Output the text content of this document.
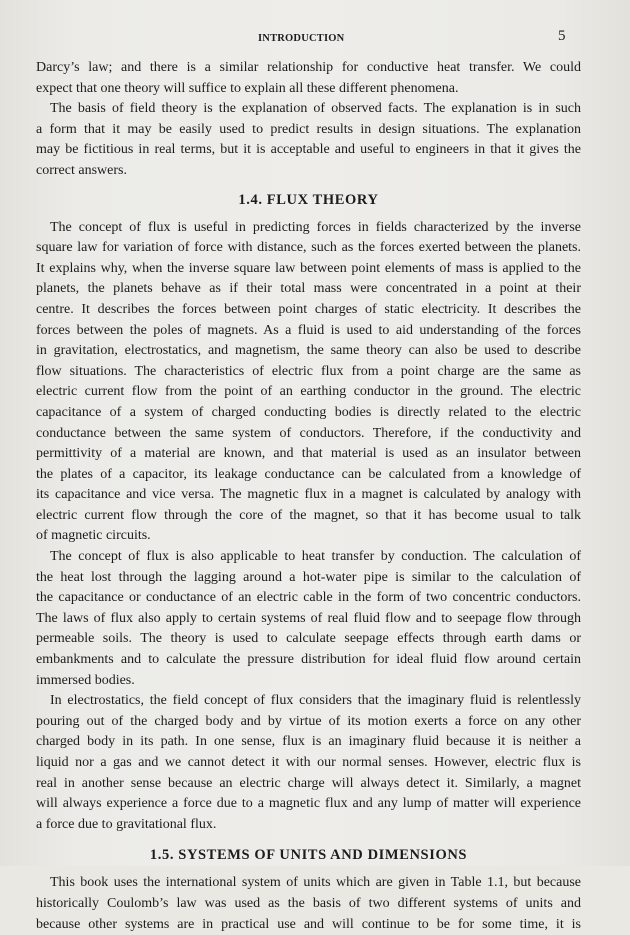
INTRODUCTION	5
Darcy’s law; and there is a similar relationship for conductive heat transfer. We could
expect that one theory will suffice to explain all these different phenomena.
The basis of field theory is the explanation of observed facts. The explanation is in such
a form that it may be easily used to predict results in design situations. The explanation
may be fictitious in real terms, but it is acceptable and useful to engineers in that it gives the
correct answers.
1.4. FLUX THEORY
The concept of flux is useful in predicting forces in fields characterized by the inverse
square law for variation of force with distance, such as the forces exerted between the planets.
It explains why, when the inverse square law between point elements of mass is applied to the
planets, the planets behave as if their total mass were concentrated in a point at their
centre. It describes the forces between point charges of static electricity. It describes the
forces between the poles of magnets. As a fluid is used to aid understanding of the forces
in gravitation, electrostatics, and magnetism, the same theory can also be used to describe
flow situations. The characteristics of electric flux from a point charge are the same as
electric current flow from the point of an earthing conductor in the ground. The electric
capacitance of a system of charged conducting bodies is directly related to the electric
conductance between the same system of conductors. Therefore, if the conductivity and
permittivity of a material are known, and that material is used as an insulator between
the plates of a capacitor, its leakage conductance can be calculated from a knowledge of
its capacitance and vice versa. The magnetic flux in a magnet is calculated by analogy with
electric current flow through the core of the magnet, so that it has become usual to talk
of magnetic circuits.
The concept of flux is also applicable to heat transfer by conduction. The calculation of
the heat lost through the lagging around a hot-water pipe is similar to the calculation of
the capacitance or conductance of an electric cable in the form of two concentric conductors.
The laws of flux also apply to certain systems of real fluid flow and to seepage flow through
permeable soils. The theory is used to calculate seepage effects through earth dams or
embankments and to calculate the pressure distribution for ideal fluid flow around certain
immersed bodies.
In electrostatics, the field concept of flux considers that the imaginary fluid is relentlessly
pouring out of the charged body and by virtue of its motion exerts a force on any other
charged body in its path. In one sense, flux is an imaginary fluid because it is neither a
liquid nor a gas and we cannot detect it with our normal senses. However, electric flux is
real in another sense because an electric charge will always detect it. Similarly, a magnet
will always experience a force due to a magnetic flux and any lump of matter will experience
a force due to gravitational flux.
1.5. SYSTEMS OF UNITS AND DIMENSIONS
This book uses the international system of units which are given in Table 1.1, but because
historically Coulomb’s law was used as the basis of two different systems of units and
because other systems are in practical use and will continue to be for some time, it is
